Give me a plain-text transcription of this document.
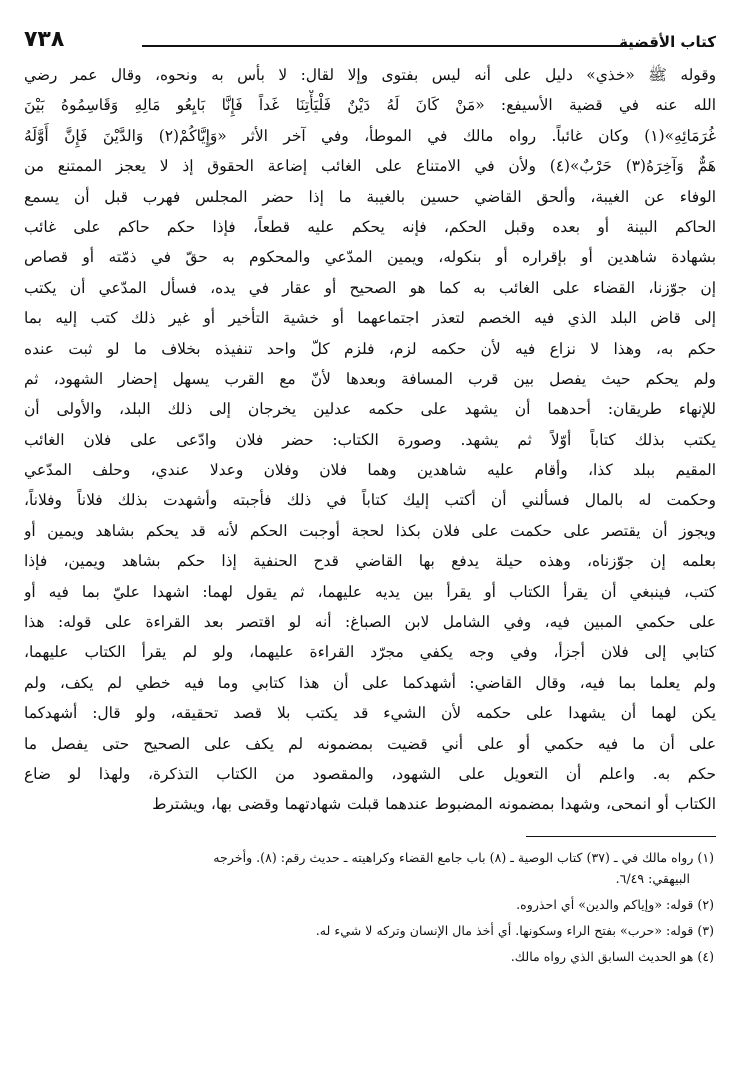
كتاب الأقضية
٧٣٨
وقوله ﷺ «خذي» دليل على أنه ليس بفتوى وإلا لقال: لا بأس به ونحوه، وقال عمر رضي
الله عنه في قضية الأسيفع: «مَنْ كَانَ لَهُ دَيْنٌ فَلْيَأْتِنَا غَداً فَإِنَّا بَايِعُو مَالِهِ وَقَاسِمُوهُ بَيْنَ
غُرَمَائِهِ»(١) وكان غائباً. رواه مالك في الموطأ، وفي آخر الأثر «وَإِيَّاكُمْ(٢) وَالدَّيْنَ فَإِنَّ أَوَّلَهُ
هَمٌّ وَآخِرَهُ(٣) حَرْبٌ»(٤) ولأن في الامتناع على الغائب إضاعة الحقوق إذ لا يعجز الممتنع من
الوفاء عن الغيبة، وألحق القاضي حسين بالغيبة ما إذا حضر المجلس فهرب قبل أن يسمع
الحاكم البينة أو بعده وقبل الحكم، فإنه يحكم عليه قطعاً، فإذا حكم حاكم على غائب
بشهادة شاهدين أو بإقراره أو بنكوله، ويمين المدّعي والمحكوم به حقّ في ذمّته أو قصاص
إن جوّزنا، القضاء على الغائب به كما هو الصحيح أو عقار في يده، فسأل المدّعي أن يكتب
إلى قاض البلد الذي فيه الخصم لتعذر اجتماعهما أو خشية التأخير أو غير ذلك كتب إليه بما
حكم به، وهذا لا نزاع فيه لأن حكمه لزم، فلزم كلّ واحد تنفيذه بخلاف ما لو ثبت عنده
ولم يحكم حيث يفصل بين قرب المسافة وبعدها لأنّ مع القرب يسهل إحضار الشهود، ثم
للإنهاء طريقان: أحدهما أن يشهد على حكمه عدلين يخرجان إلى ذلك البلد، والأولى أن
يكتب بذلك كتاباً أوّلاً ثم يشهد. وصورة الكتاب: حضر فلان وادّعى على فلان الغائب
المقيم ببلد كذا، وأقام عليه شاهدين وهما فلان وفلان وعدلا عندي، وحلف المدّعي
وحكمت له بالمال فسألني أن أكتب إليك كتاباً في ذلك فأجبته وأشهدت بذلك فلاناً وفلاناً،
ويجوز أن يقتصر على حكمت على فلان بكذا لحجة أوجبت الحكم لأنه قد يحكم بشاهد ويمين أو
بعلمه إن جوّزناه، وهذه حيلة يدفع بها القاضي قدح الحنفية إذا حكم بشاهد ويمين، فإذا
كتب، فينبغي أن يقرأ الكتاب أو يقرأ بين يديه عليهما، ثم يقول لهما: اشهدا عليّ بما فيه أو
على حكمي المبين فيه، وفي الشامل لابن الصباغ: أنه لو اقتصر بعد القراءة على قوله: هذا
كتابي إلى فلان أجزأ، وفي وجه يكفي مجرّد القراءة عليهما، ولو لم يقرأ الكتاب عليهما،
ولم يعلما بما فيه، وقال القاضي: أشهدكما على أن هذا كتابي وما فيه خطي لم يكف، ولم
يكن لهما أن يشهدا على حكمه لأن الشيء قد يكتب بلا قصد تحقيقه، ولو قال: أشهدكما
على أن ما فيه حكمي أو على أني قضيت بمضمونه لم يكف على الصحيح حتى يفصل ما
حكم به. واعلم أن التعويل على الشهود، والمقصود من الكتاب التذكرة، ولهذا لو ضاع
الكتاب أو انمحى، وشهدا بمضمونه المضبوط عندهما قبلت شهادتهما وقضى بها، ويشترط
(١) رواه مالك في ـ (٣٧) كتاب الوصية ـ (٨) باب جامع القضاء وكراهيته ـ حديث رقم: (٨). وأخرجه
البيهقي: ٦/٤٩.
(٢) قوله: «وإياكم والدين» أي احذروه.
(٣) قوله: «حرب» بفتح الراء وسكونها. أي أخذ مال الإنسان وتركه لا شيء له.
(٤) هو الحديث السابق الذي رواه مالك.
